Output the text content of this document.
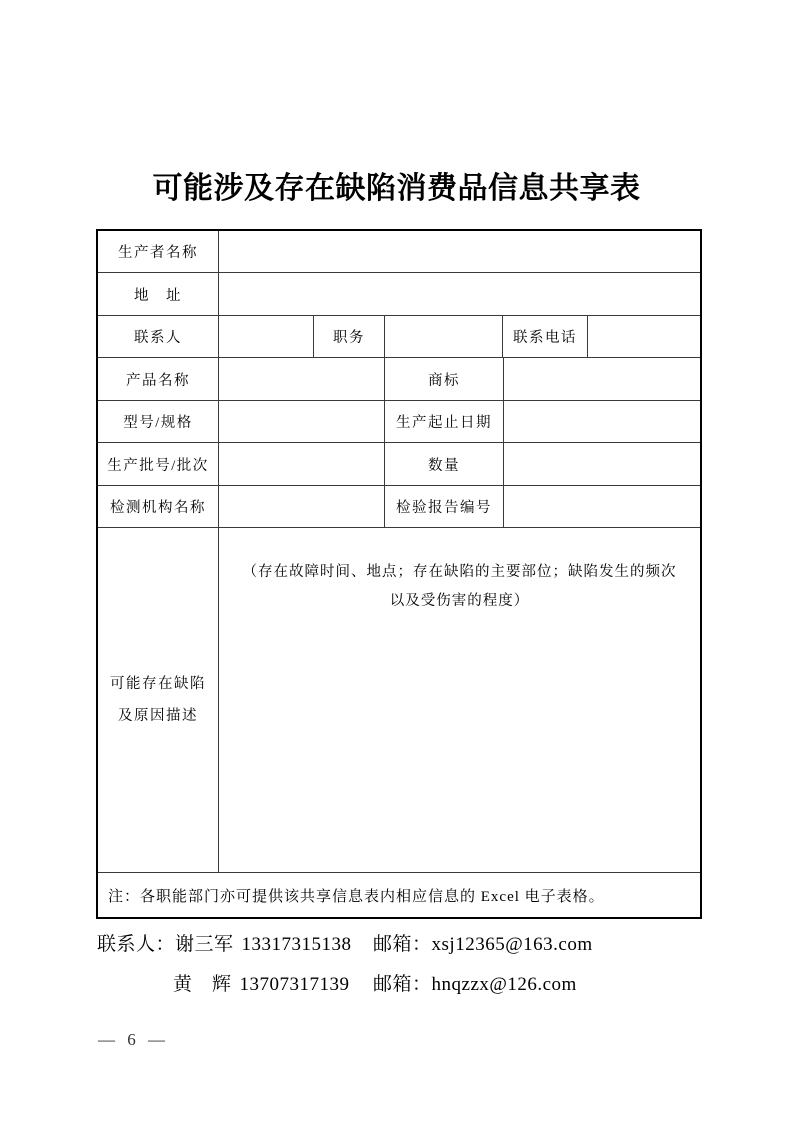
可能涉及存在缺陷消费品信息共享表
生产者名称
地　址
联系人	职务	联系电话
产品名称	商标
型号/规格	生产起止日期
生产批号/批次	数量
检测机构名称	检验报告编号
可能存在缺陷
及原因描述
（存在故障时间、地点；存在缺陷的主要部位；缺陷发生的频次以及受伤害的程度）
注：各职能部门亦可提供该共享信息表内相应信息的 Excel 电子表格。
联系人：谢三军 13317315138	邮箱：xsj12365@163.com
黄　辉 13707317139	邮箱：hnqzzx@126.com
— 6 —
